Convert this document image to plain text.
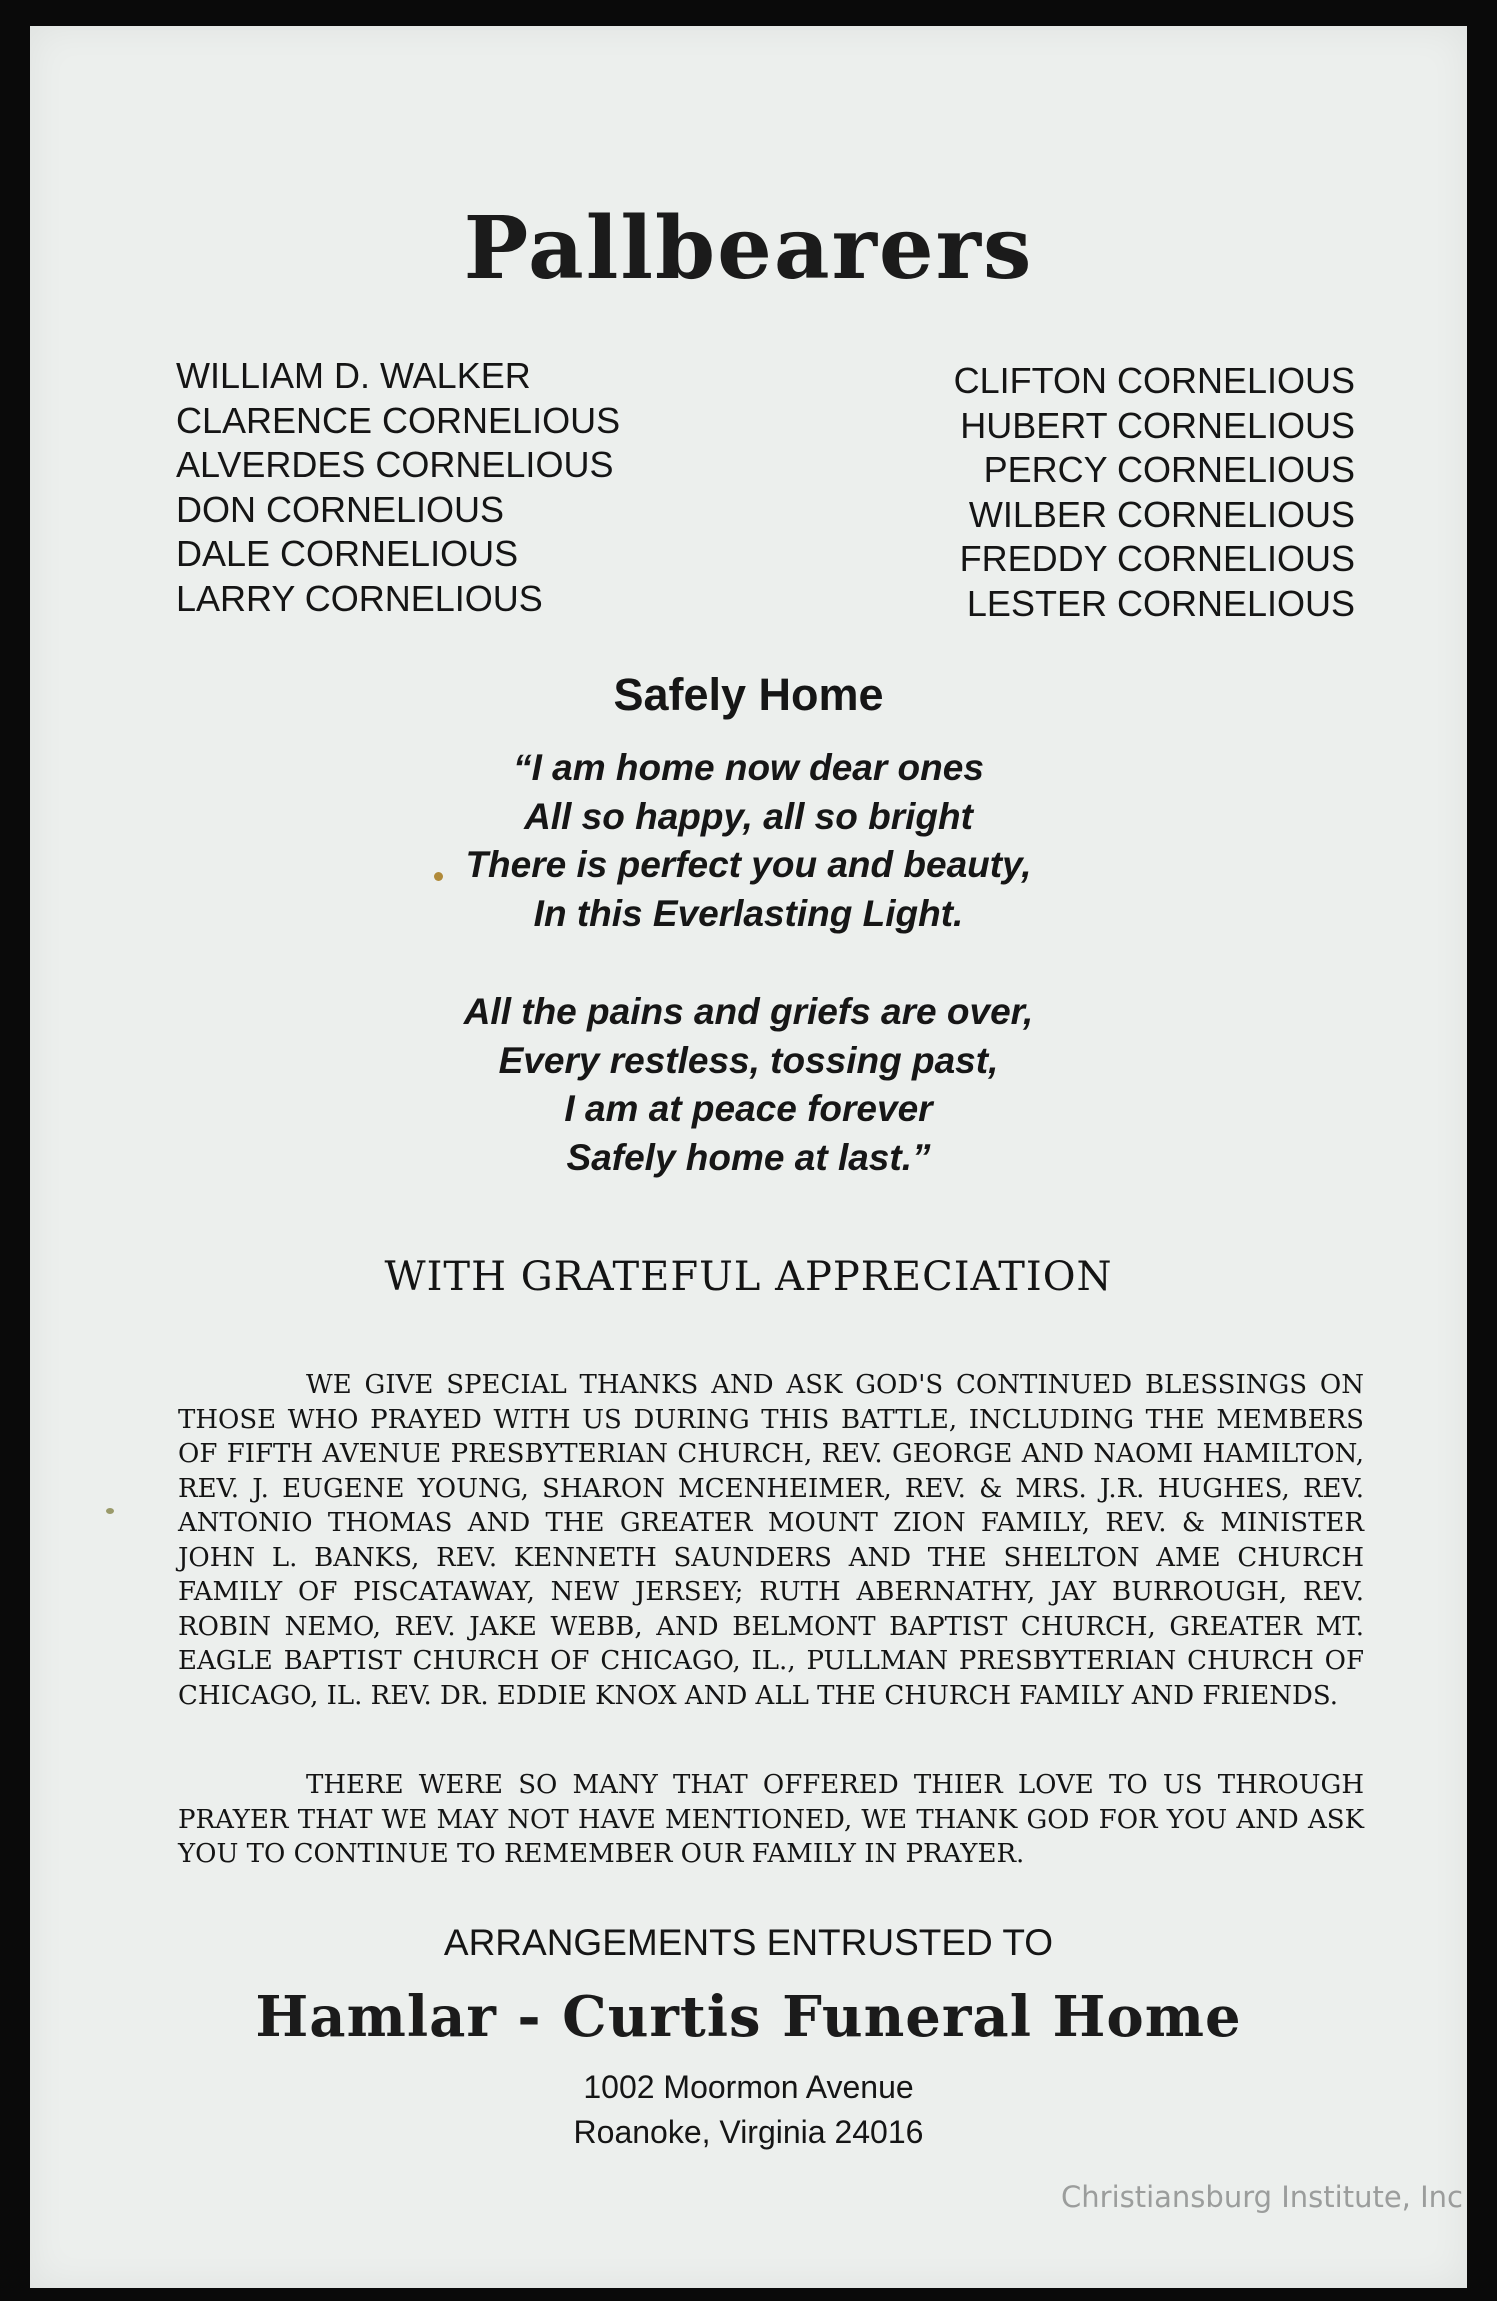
Pallbearers
WILLIAM D. WALKER
CLARENCE CORNELIOUS
ALVERDES CORNELIOUS
DON CORNELIOUS
DALE CORNELIOUS
LARRY CORNELIOUS
CLIFTON CORNELIOUS
HUBERT CORNELIOUS
PERCY CORNELIOUS
WILBER CORNELIOUS
FREDDY CORNELIOUS
LESTER CORNELIOUS
Safely Home
“I am home now dear ones
All so happy, all so bright
There is perfect you and beauty,
In this Everlasting Light.
All the pains and griefs are over,
Every restless, tossing past,
I am at peace forever
Safely home at last.”
WITH GRATEFUL APPRECIATION
WE GIVE SPECIAL THANKS AND ASK GOD'S CONTINUED BLESSINGS ON THOSE WHO PRAYED WITH US DURING THIS BATTLE, INCLUDING THE MEMBERS OF FIFTH AVENUE PRESBYTERIAN CHURCH, REV. GEORGE AND NAOMI HAMILTON, REV. J. EUGENE YOUNG, SHARON MCENHEIMER, REV. & MRS. J.R. HUGHES, REV. ANTONIO THOMAS AND THE GREATER MOUNT ZION FAMILY, REV. & MINISTER JOHN L. BANKS, REV. KENNETH SAUNDERS AND THE SHELTON AME CHURCH FAMILY OF PISCATAWAY, NEW JERSEY; RUTH ABERNATHY, JAY BURROUGH, REV. ROBIN NEMO, REV. JAKE WEBB, AND BELMONT BAPTIST CHURCH, GREATER MT. EAGLE BAPTIST CHURCH OF CHICAGO, IL., PULLMAN PRESBYTERIAN CHURCH OF CHICAGO, IL. REV. DR. EDDIE KNOX AND ALL THE CHURCH FAMILY AND FRIENDS.
THERE WERE SO MANY THAT OFFERED THIER LOVE TO US THROUGH PRAYER THAT WE MAY NOT HAVE MENTIONED, WE THANK GOD FOR YOU AND ASK YOU TO CONTINUE TO REMEMBER OUR FAMILY IN PRAYER.
ARRANGEMENTS ENTRUSTED TO
Hamlar - Curtis Funeral Home
1002 Moormon Avenue
Roanoke, Virginia 24016
Christiansburg Institute, Inc
